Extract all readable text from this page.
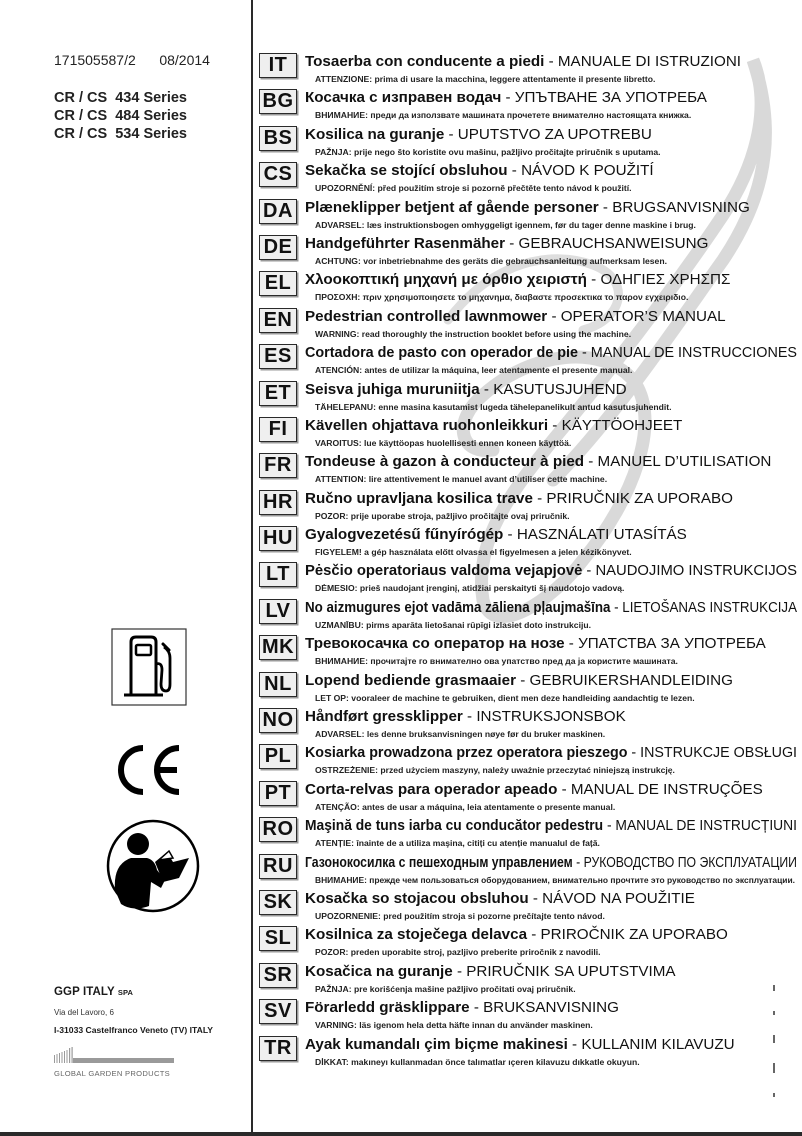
171505587/2 08/2014
CR / CS  434 Series
CR / CS  484 Series
CR / CS  534 Series
GGP ITALY SPA
Via del Lavoro, 6
I-31033 Castelfranco Veneto (TV) ITALY
GLOBAL GARDEN PRODUCTS
IT	Tosaerba con conducente a piedi - MANUALE DI ISTRUZIONI
ATTENZIONE: prima di usare la macchina, leggere attentamente il presente libretto.
BG Косачка с изправен водач - УПЪТВАНЕ ЗА УПОТРЕБА
ВНИМАНИЕ: преди да използвате машината прочетете внимателно настоящата книжка.
BS Kosilica na guranje - UPUTSTVO ZA UPOTREBU
PAŽNJA: prije nego što koristite ovu mašinu, pažljivo pročitajte priručnik s uputama.
CS Sekačka se stojící obsluhou - NÁVOD K POUŽITÍ
UPOZORNĚNÍ: před použitím stroje si pozorně přečtěte tento návod k použití.
DA Plæneklipper betjent af gående personer - BRUGSANVISNING
ADVARSEL: læs instruktionsbogen omhyggeligt igennem, før du tager denne maskine i brug.
DE Handgeführter Rasenmäher - GEBRAUCHSANWEISUNG
ACHTUNG: vor inbetriebnahme des geräts die gebrauchsanleitung aufmerksam lesen.
EL Χλοοκοπτική μηχανή με όρθιο χειριστή - ΟΔΗΓΙΕΣ ΧΡΗΣΠΣ
ΠΡΟΣΟΧΗ: πριν χρησιμοποιησετε το μηχανημα, διαβαστε προσεκτικα το παρον εγχειριδιο.
EN Pedestrian controlled lawnmower - OPERATOR’S MANUAL
WARNING: read thoroughly the instruction booklet before using the machine.
ES Cortadora de pasto con operador de pie - MANUAL DE INSTRUCCIONES
ATENCIÓN: antes de utilizar la máquina, leer atentamente el presente manual.
ET Seisva juhiga muruniitja - KASUTUSJUHEND
TÄHELEPANU: enne masina kasutamist lugeda tähelepanelikult antud kasutusjuhendit.
FI	Kävellen ohjattava ruohonleikkuri - KÄYTTÖOHJEET
VAROITUS: lue käyttöopas huolellisesti ennen koneen käyttöä.
FR Tondeuse à gazon à conducteur à pied - MANUEL D’UTILISATION
ATTENTION: lire attentivement le manuel avant d’utiliser cette machine.
HR Ručno upravljana kosilica trave - PRIRUČNIK ZA UPORABO
POZOR: prije uporabe stroja, pažljivo pročitajte ovaj priručnik.
HU Gyalogvezetésű fűnyírógép - HASZNÁLATI UTASÍTÁS
FIGYELEM! a gép használata előtt olvassa el figyelmesen a jelen kézikönyvet.
LT Pėsčio operatoriaus valdoma vejapjovė - NAUDOJIMO INSTRUKCIJOS
DĖMESIO: prieš naudojant įrenginį, atidžiai perskaityti šį naudotojo vadovą.
LV No aizmugures ejot vadāma zāliena pļaujmašīna - LIETOŠANAS INSTRUKCIJA
UZMANĪBU: pirms aparāta lietošanai rūpīgi izlasiet doto instrukciju.
MK Тревокосачка со оператор на нозе - УПАТСТВА ЗА УПОТРЕБА
ВНИМАНИЕ: прочитајте го внимателно ова упатство пред да ја користите машината.
NL Lopend bediende grasmaaier - GEBRUIKERSHANDLEIDING
LET OP: vooraleer de machine te gebruiken, dient men deze handleiding aandachtig te lezen.
NO Håndført gressklipper - INSTRUKSJONSBOK
ADVARSEL: les denne bruksanvisningen nøye før du bruker maskinen.
PL Kosiarka prowadzona przez operatora pieszego - INSTRUKCJE OBSŁUGI
OSTRZEŻENIE: przed użyciem maszyny, należy uważnie przeczytać niniejszą instrukcję.
PT Corta-relvas para operador apeado - MANUAL DE INSTRUÇÕES
ATENÇÃO: antes de usar a máquina, leia atentamente o presente manual.
RO Maşină de tuns iarba cu conducător pedestru - MANUAL DE INSTRUCȚIUNI
ATENȚIE: înainte de a utiliza maşina, citiți cu atenție manualul de față.
RU Газонокосилка с пешеходным управлением - РУКОВОДСТВО ПО ЭКСПЛУАТАЦИИ
ВНИМАНИЕ: прежде чем пользоваться оборудованием, внимательно прочтите это руководство по эксплуатации.
SK Kosačka so stojacou obsluhou - NÁVOD NA POUŽITIE
UPOZORNENIE: pred použitím stroja si pozorne prečítajte tento návod.
SL Kosilnica za stoječega delavca - PRIROČNIK ZA UPORABO
POZOR: preden uporabite stroj, pazljivo preberite priročnik z navodili.
SR Kosačica na guranje - PRIRUČNIK SA UPUTSTVIMA
PAŽNJA: pre korišćenja mašine pažljivo pročitati ovaj priručnik.
SV Förarledd gräsklippare - BRUKSANVISNING
VARNING: läs igenom hela detta häfte innan du använder maskinen.
TR Ayak kumandalı çim biçme makinesi - KULLANIM KILAVUZU
DİKKAT: makıneyı kullanmadan önce talımatlar ıçeren kilavuzu dıkkatle okuyun.
